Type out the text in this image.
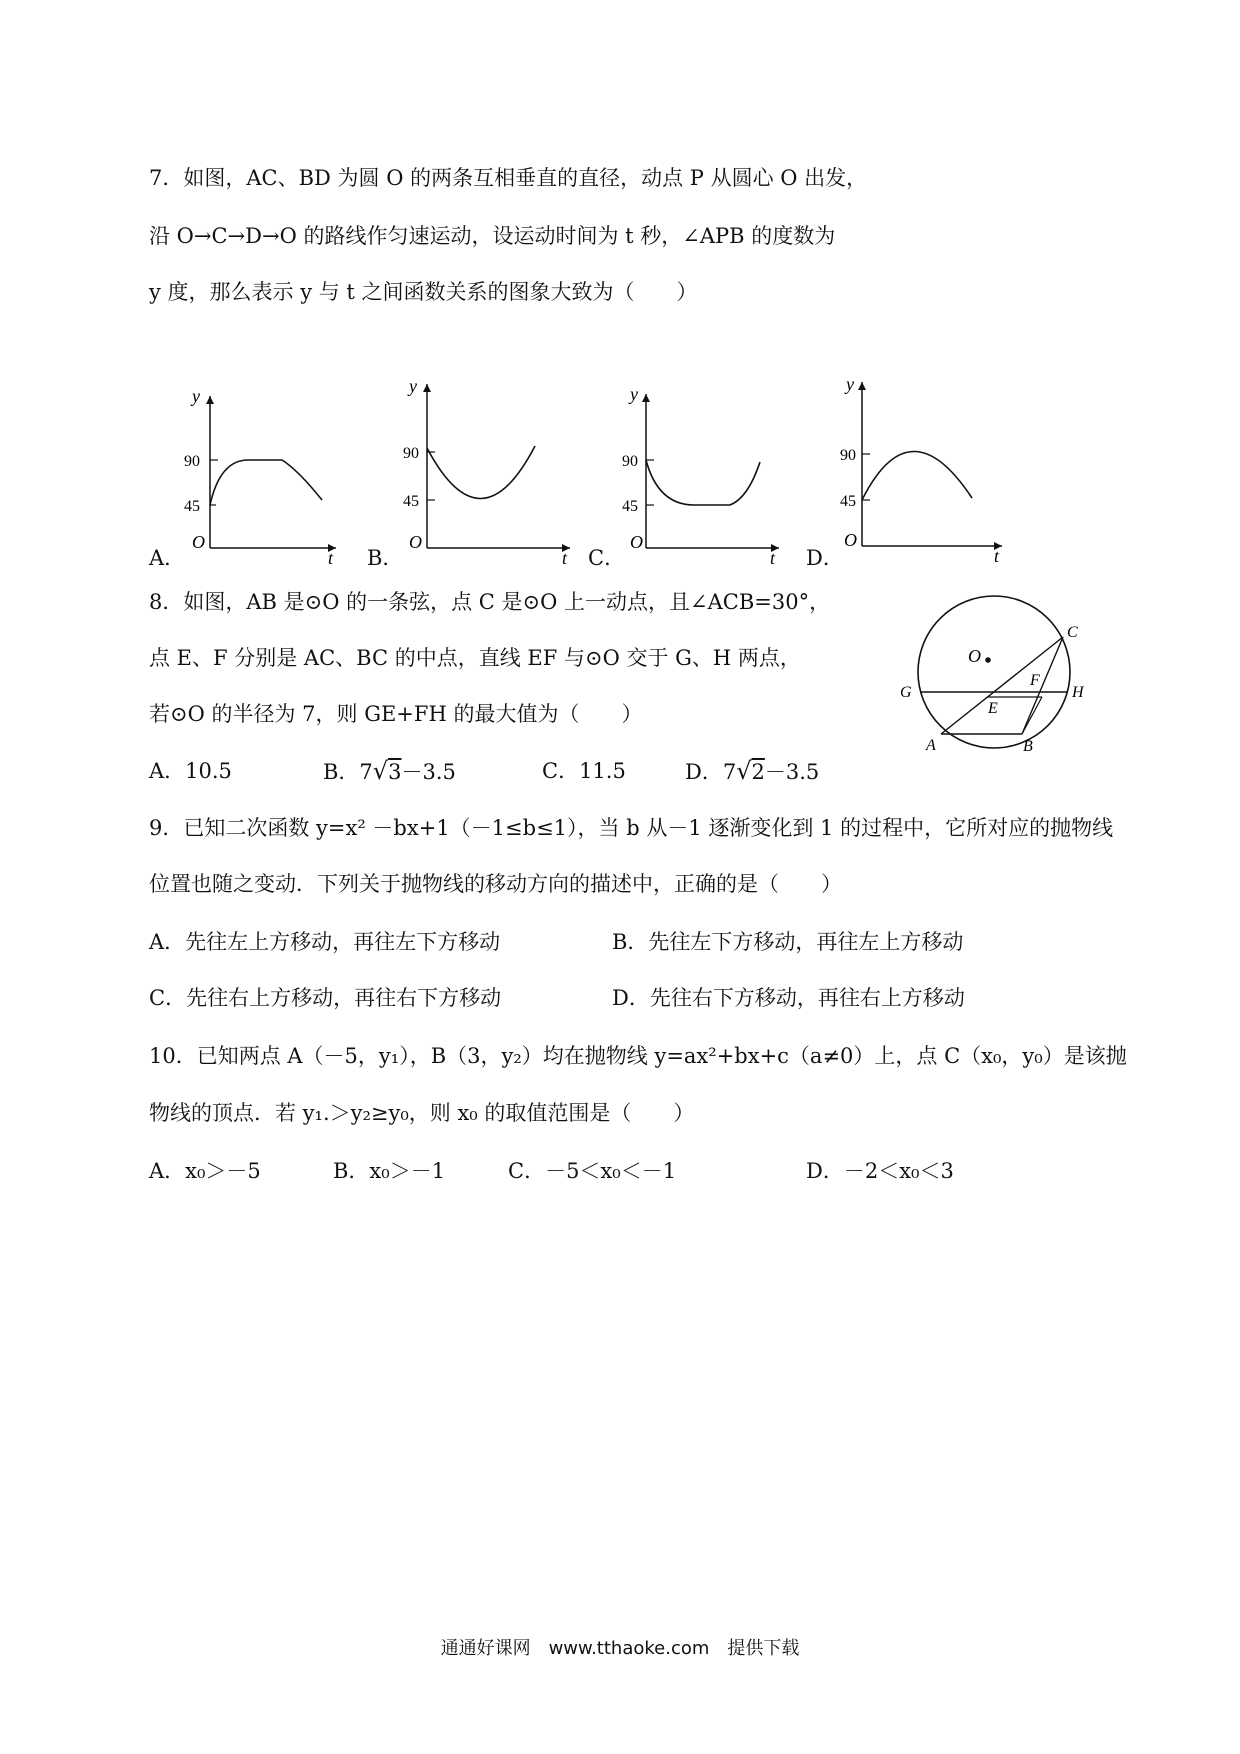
7．如图，AC、BD 为圆 O 的两条互相垂直的直径，动点 P 从圆心 O 出发，
沿 O→C→D→O 的路线作匀速运动，设运动时间为 t 秒，∠APB 的度数为
y 度，那么表示 y 与 t 之间函数关系的图象大致为（　　）
A．
y
90
45
O
t B．
y
90
45
O
t C．
y
90
45
O
t D．
y
90
45
O
t
8．如图，AB 是⊙O 的一条弦，点 C 是⊙O 上一动点，且∠ACB=30°，
点 E、F 分别是 AC、BC 的中点，直线 EF 与⊙O 交于 G、H 两点，
若⊙O 的半径为 7，则 GE+FH 的最大值为（　　）
O
C
F
G	H
E
A	B
A．10.5	B．7√3－3.5	C．11.5	D．7√2－3.5
9．已知二次函数 y=x² －bx+1（－1≤b≤1），当 b 从－1 逐渐变化到 1 的过程中，它所对应的抛物线
位置也随之变动．下列关于抛物线的移动方向的描述中，正确的是（　　）
A．先往左上方移动，再往左下方移动	B．先往左下方移动，再往左上方移动
C．先往右上方移动，再往右下方移动	D．先往右下方移动，再往右上方移动
10．已知两点 A（－5，y₁），B（3，y₂）均在抛物线 y=ax²+bx+c（a≠0）上，点 C（x₀，y₀）是该抛
物线的顶点．若 y₁.＞y₂≥y₀，则 x₀ 的取值范围是（　　）
A．x₀＞－5	B．x₀＞－1	C．－5＜x₀＜－1	D．－2＜x₀＜3
通通好课网　www.tthaoke.com　提供下载
